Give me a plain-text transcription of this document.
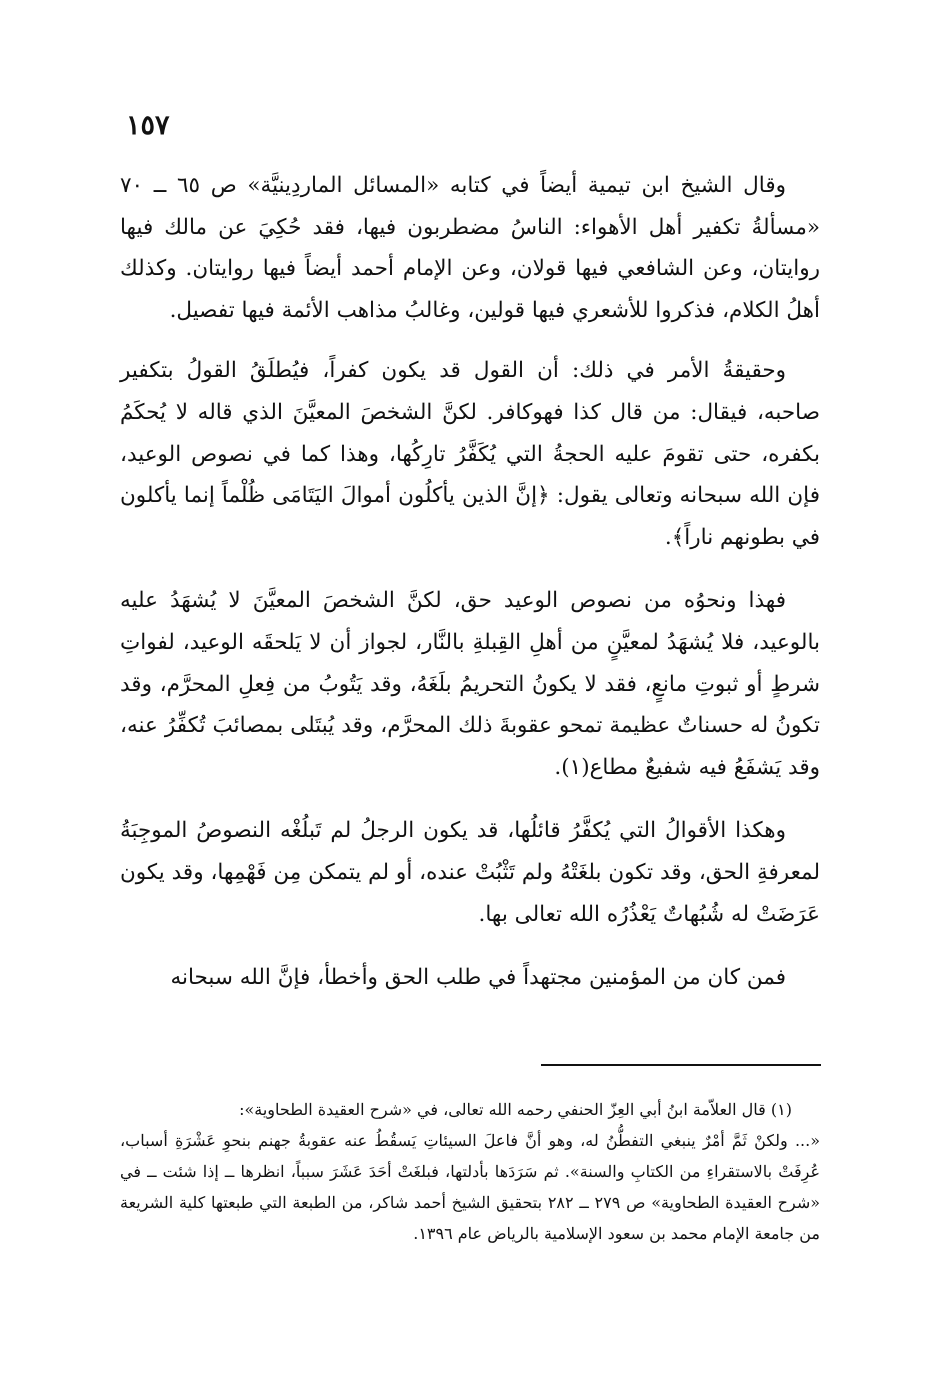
١٥٧

وقال الشيخ ابن تيمية أيضاً في كتابه «المسائل الماردِينيَّة» ص ٦٥ ــ ٧٠ «مسألةُ تكفير أهل الأهواء: الناسُ مضطربون فيها، فقد حُكِيَ عن مالك فيها روايتان، وعن الشافعي فيها قولان، وعن الإمام أحمد أيضاً فيها روايتان. وكذلك أهلُ الكلام، فذكروا للأشعري فيها قولين، وغالبُ مذاهب الأئمة فيها تفصيل.

وحقيقةُ الأمر في ذلك: أن القول قد يكون كفراً، فيُطلَقُ القولُ بتكفير صاحبه، فيقال: من قال كذا فهوكافر. لكنَّ الشخصَ المعيَّنَ الذي قاله لا يُحكَمُ بكفره، حتى تقومَ عليه الحجةُ التي يُكَفَّرُ تارِكُها، وهذا كما في نصوص الوعيد، فإن الله سبحانه وتعالى يقول: ﴿إنَّ الذين يأكلُون أموالَ اليَتَامَى ظُلْماً إنما يأكلون في بطونهم ناراً﴾.

فهذا ونحوُه من نصوص الوعيد حق، لكنَّ الشخصَ المعيَّنَ لا يُشهَدُ عليه بالوعيد، فلا يُشهَدُ لمعيَّنٍ من أهلِ القِبلةِ بالنَّار، لجواز أن لا يَلحقَه الوعيد، لفواتِ شرطٍ أو ثبوتِ مانعٍ، فقد لا يكونُ التحريمُ بلَغَهُ، وقد يَتُوبُ من فِعلِ المحرَّم، وقد تكونُ له حسناتٌ عظيمة تمحو عقوبةَ ذلك المحرَّم، وقد يُبتَلى بمصائبَ تُكفِّرُ عنه، وقد يَشفَعُ فيه شفيعٌ مطاع(١).

وهكذا الأقوالُ التي يُكفَّرُ قائلُها، قد يكون الرجلُ لم تَبلُغْه النصوصُ الموجِبَةُ لمعرفةِ الحق، وقد تكون بلغَتْهُ ولم تَثْبُتْ عنده، أو لم يتمكن مِن فَهْمِها، وقد يكون عَرَضَتْ له شُبُهاتٌ يَعْذُرُه الله تعالى بها.

فمن كان من المؤمنين مجتهداً في طلب الحق وأخطأ، فإنَّ الله سبحانه

(١) قال العلاّمة ابنُ أبي العِزّ الحنفي رحمه الله تعالى، في «شرح العقيدة الطحاوية»:

«... ولكنْ ثَمَّ أمْرٌ ينبغي التفطُّنُ له، وهو أنَّ فاعلَ السيئاتِ يَسقُطُ عنه عقوبةُ جهنم بنحوِ عَشْرَةِ أسباب، عُرِفَتْ بالاستقراءِ من الكتابِ والسنة». ثم سَرَدَها بأدلتها، فبلغَتْ أحَدَ عَشَرَ سبباً، انظرها ــ إذا شئت ــ في «شرح العقيدة الطحاوية» ص ٢٧٩ ــ ٢٨٢ بتحقيق الشيخ أحمد شاكر، من الطبعة التي طبعتها كلية الشريعة من جامعة الإمام محمد بن سعود الإسلامية بالرياض عام ١٣٩٦.
